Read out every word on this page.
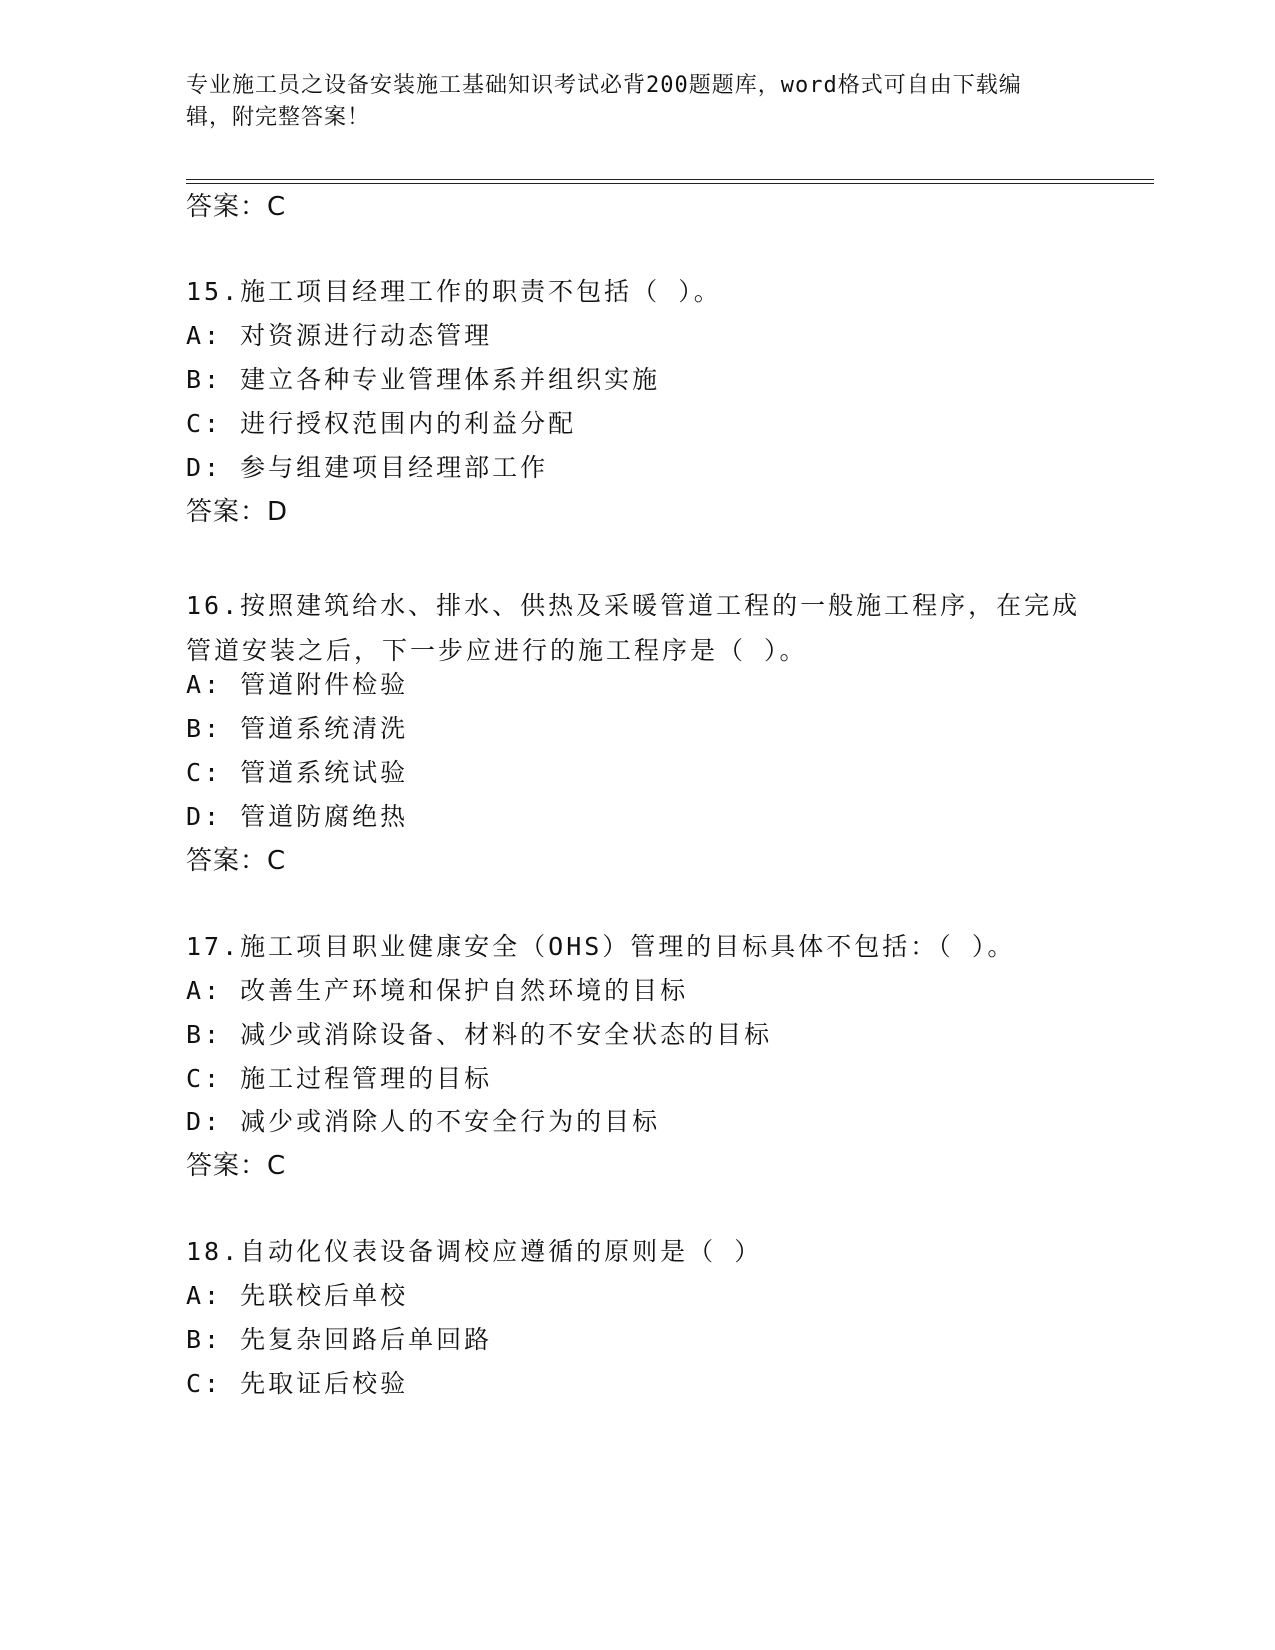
专业施工员之设备安装施工基础知识考试必背200题题库，word格式可自由下载编辑，附完整答案！
答案：C
15.施工项目经理工作的职责不包括（ ）。
A: 对资源进行动态管理
B: 建立各种专业管理体系并组织实施
C: 进行授权范围内的利益分配
D: 参与组建项目经理部工作
答案：D
16.按照建筑给水、排水、供热及采暖管道工程的一般施工程序，在完成管道安装之后，下一步应进行的施工程序是（ ）。
A: 管道附件检验
B: 管道系统清洗
C: 管道系统试验
D: 管道防腐绝热
答案：C
17.施工项目职业健康安全（OHS）管理的目标具体不包括：（ ）。
A: 改善生产环境和保护自然环境的目标
B: 减少或消除设备、材料的不安全状态的目标
C: 施工过程管理的目标
D: 减少或消除人的不安全行为的目标
答案：C
18.自动化仪表设备调校应遵循的原则是（ ）
A: 先联校后单校
B: 先复杂回路后单回路
C: 先取证后校验
